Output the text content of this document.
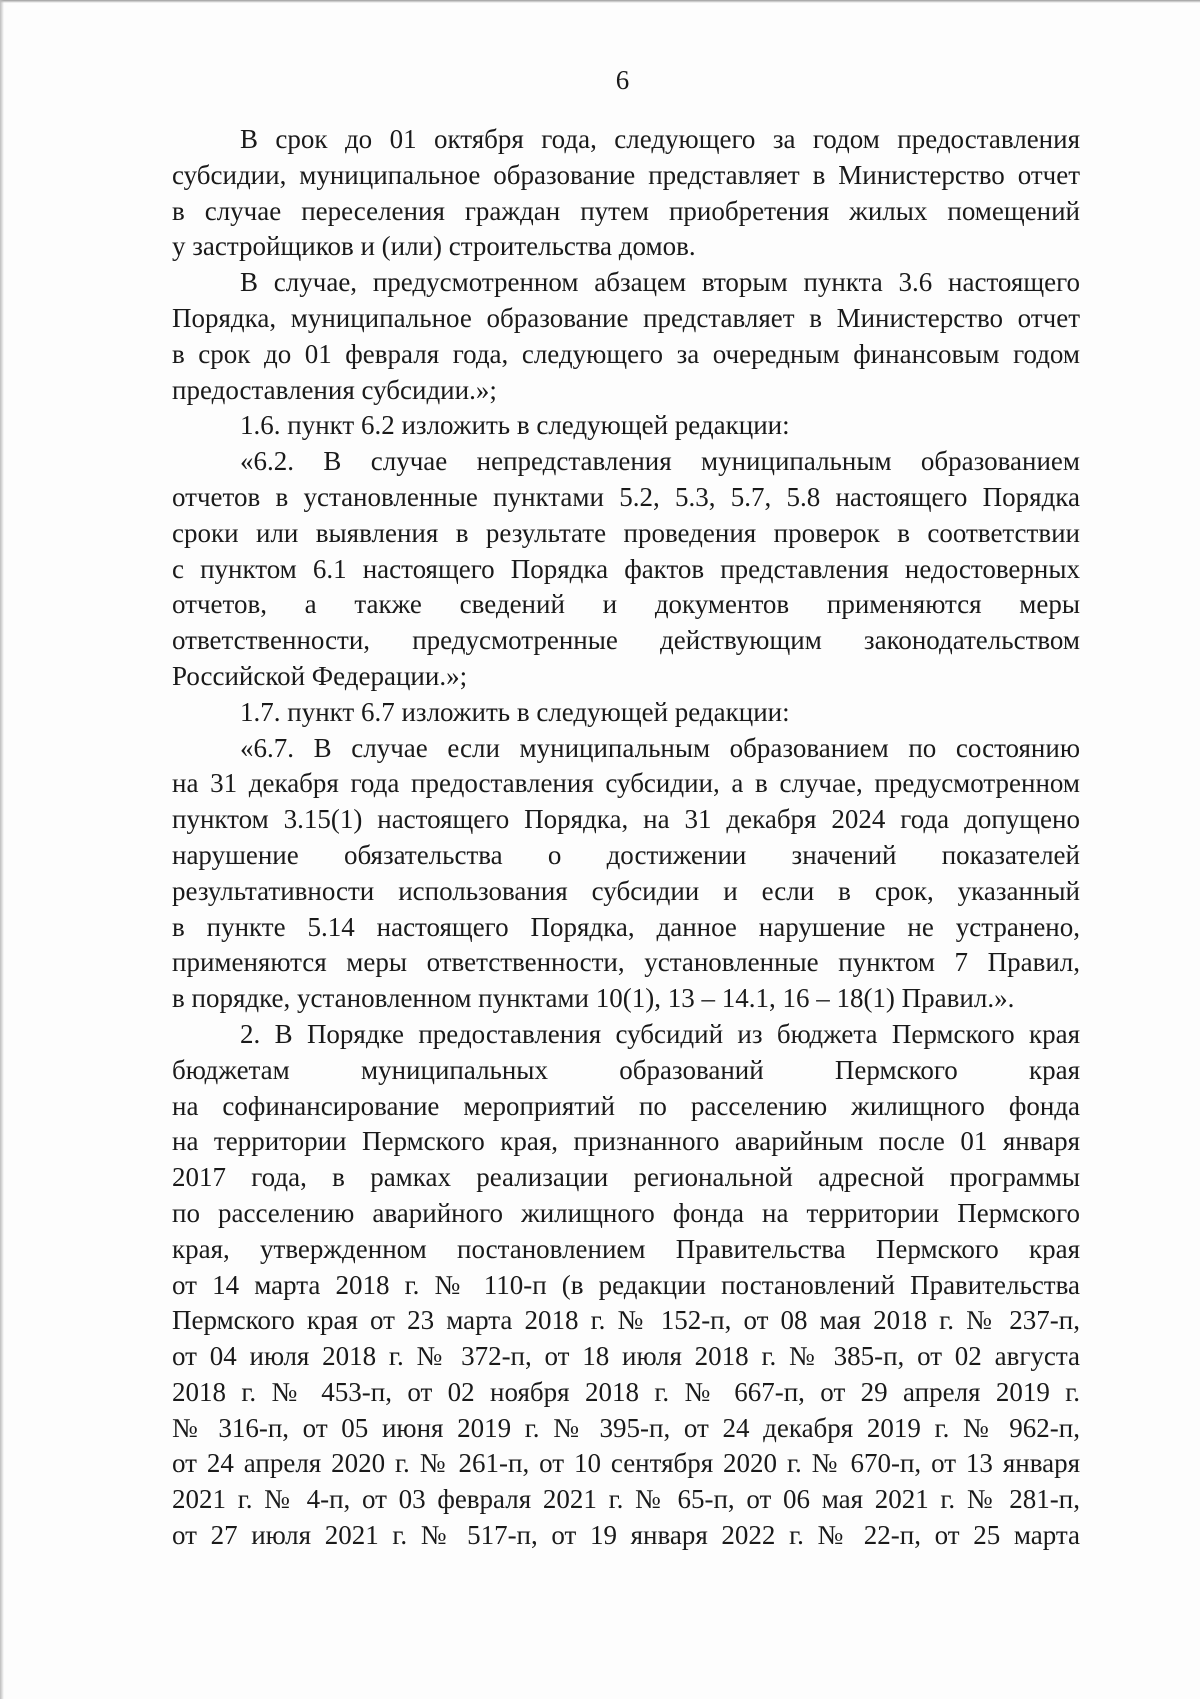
6
В срок до 01 октября года, следующего за годом предоставления
субсидии, муниципальное образование представляет в Министерство отчет
в случае переселения граждан путем приобретения жилых помещений
у застройщиков и (или) строительства домов.
В случае, предусмотренном абзацем вторым пункта 3.6 настоящего
Порядка, муниципальное образование представляет в Министерство отчет
в срок до 01 февраля года, следующего за очередным финансовым годом
предоставления субсидии.»;
1.6. пункт 6.2 изложить в следующей редакции:
«6.2. В случае непредставления муниципальным образованием
отчетов в установленные пунктами 5.2, 5.3, 5.7, 5.8 настоящего Порядка
сроки или выявления в результате проведения проверок в соответствии
с пунктом 6.1 настоящего Порядка фактов представления недостоверных
отчетов, а также сведений и документов применяются меры
ответственности, предусмотренные действующим законодательством
Российской Федерации.»;
1.7. пункт 6.7 изложить в следующей редакции:
«6.7. В случае если муниципальным образованием по состоянию
на 31 декабря года предоставления субсидии, а в случае, предусмотренном
пунктом 3.15(1) настоящего Порядка, на 31 декабря 2024 года допущено
нарушение обязательства о достижении значений показателей
результативности использования субсидии и если в срок, указанный
в пункте 5.14 настоящего Порядка, данное нарушение не устранено,
применяются меры ответственности, установленные пунктом 7 Правил,
в порядке, установленном пунктами 10(1), 13 – 14.1, 16 – 18(1) Правил.».
2. В Порядке предоставления субсидий из бюджета Пермского края
бюджетам муниципальных образований Пермского края
на софинансирование мероприятий по расселению жилищного фонда
на территории Пермского края, признанного аварийным после 01 января
2017 года, в рамках реализации региональной адресной программы
по расселению аварийного жилищного фонда на территории Пермского
края, утвержденном постановлением Правительства Пермского края
от 14 марта 2018 г. № 110-п (в редакции постановлений Правительства
Пермского края от 23 марта 2018 г. № 152-п, от 08 мая 2018 г. № 237-п,
от 04 июля 2018 г. № 372-п, от 18 июля 2018 г. № 385-п, от 02 августа
2018 г. № 453-п, от 02 ноября 2018 г. № 667-п, от 29 апреля 2019 г.
№ 316-п, от 05 июня 2019 г. № 395-п, от 24 декабря 2019 г. № 962-п,
от 24 апреля 2020 г. № 261-п, от 10 сентября 2020 г. № 670-п, от 13 января
2021 г. № 4-п, от 03 февраля 2021 г. № 65-п, от 06 мая 2021 г. № 281-п,
от 27 июля 2021 г. № 517-п, от 19 января 2022 г. № 22-п, от 25 марта
